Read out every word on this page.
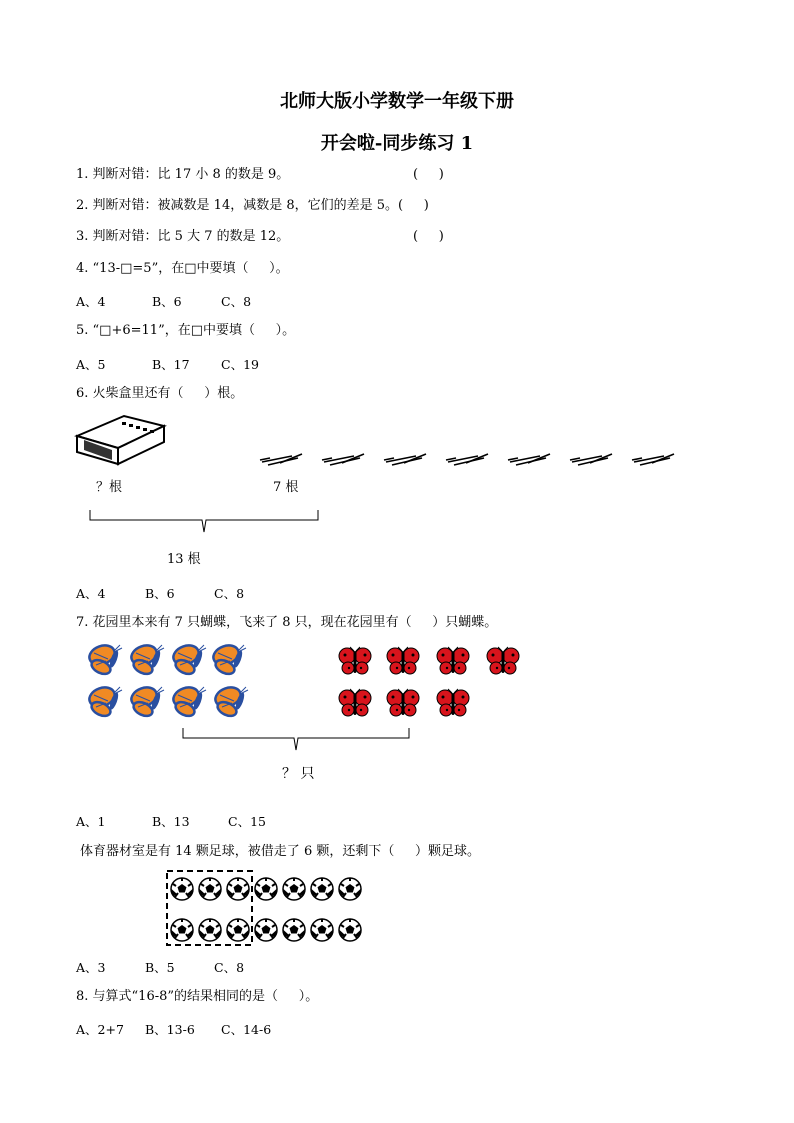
北师大版小学数学一年级下册
开会啦-同步练习 1
1. 判断对错：比 17 小 8 的数是 9。	(     )
2. 判断对错：被减数是 14，减数是 8，它们的差是 5。(     )
3. 判断对错：比 5 大 7 的数是 12。	(     )
4. “13-□=5”，在□中要填（     ）。
A、4	B、6	C、8
5. “□+6=11”，在□中要填（     ）。
A、5	B、17	C、19
6. 火柴盒里还有（     ）根。
？根	7 根
13 根
A、4	B、6	C、8
7. 花园里本来有 7 只蝴蝶，飞来了 8 只，现在花园里有（     ）只蝴蝶。
？ 只
A、1	B、13	C、15
体育器材室是有 14 颗足球，被借走了 6 颗，还剩下（     ）颗足球。
A、3	B、5	C、8
8. 与算式“16-8”的结果相同的是（     ）。
A、2+7 B、13-6 C、14-6
